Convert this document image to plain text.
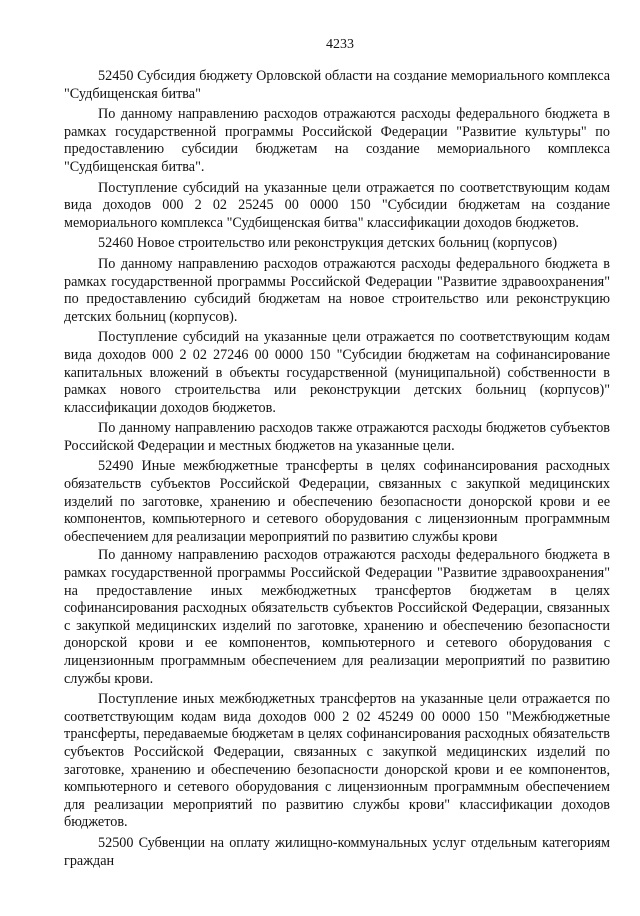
4233

52450 Субсидия бюджету Орловской области на создание мемориального комплекса "Судбищенская битва"

По данному направлению расходов отражаются расходы федерального бюджета в рамках государственной программы Российской Федерации "Развитие культуры" по предоставлению субсидии бюджетам на создание мемориального комплекса "Судбищенская битва".

Поступление субсидий на указанные цели отражается по соответствующим кодам вида доходов 000 2 02 25245 00 0000 150 "Субсидии бюджетам на создание мемориального комплекса "Судбищенская битва" классификации доходов бюджетов.

52460 Новое строительство или реконструкция детских больниц (корпусов)

По данному направлению расходов отражаются расходы федерального бюджета в рамках государственной программы Российской Федерации "Развитие здравоохранения" по предоставлению субсидий бюджетам на новое строительство или реконструкцию детских больниц (корпусов).

Поступление субсидий на указанные цели отражается по соответствующим кодам вида доходов 000 2 02 27246 00 0000 150 "Субсидии бюджетам на софинансирование капитальных вложений в объекты государственной (муниципальной) собственности в рамках нового строительства или реконструкции детских больниц (корпусов)" классификации доходов бюджетов.

По данному направлению расходов также отражаются расходы бюджетов субъектов Российской Федерации и местных бюджетов на указанные цели.

52490 Иные межбюджетные трансферты в целях софинансирования расходных обязательств субъектов Российской Федерации, связанных с закупкой медицинских изделий по заготовке, хранению и обеспечению безопасности донорской крови и ее компонентов, компьютерного и сетевого оборудования с лицензионным программным обеспечением для реализации мероприятий по развитию службы крови

По данному направлению расходов отражаются расходы федерального бюджета в рамках государственной программы Российской Федерации "Развитие здравоохранения" на предоставление иных межбюджетных трансфертов бюджетам в целях софинансирования расходных обязательств субъектов Российской Федерации, связанных с закупкой медицинских изделий по заготовке, хранению и обеспечению безопасности донорской крови и ее компонентов, компьютерного и сетевого оборудования с лицензионным программным обеспечением для реализации мероприятий по развитию службы крови.

Поступление иных межбюджетных трансфертов на указанные цели отражается по соответствующим кодам вида доходов 000 2 02 45249 00 0000 150 "Межбюджетные трансферты, передаваемые бюджетам в целях софинансирования расходных обязательств субъектов Российской Федерации, связанных с закупкой медицинских изделий по заготовке, хранению и обеспечению безопасности донорской крови и ее компонентов, компьютерного и сетевого оборудования с лицензионным программным обеспечением для реализации мероприятий по развитию службы крови" классификации доходов бюджетов.

52500 Субвенции на оплату жилищно-коммунальных услуг отдельным категориям граждан
